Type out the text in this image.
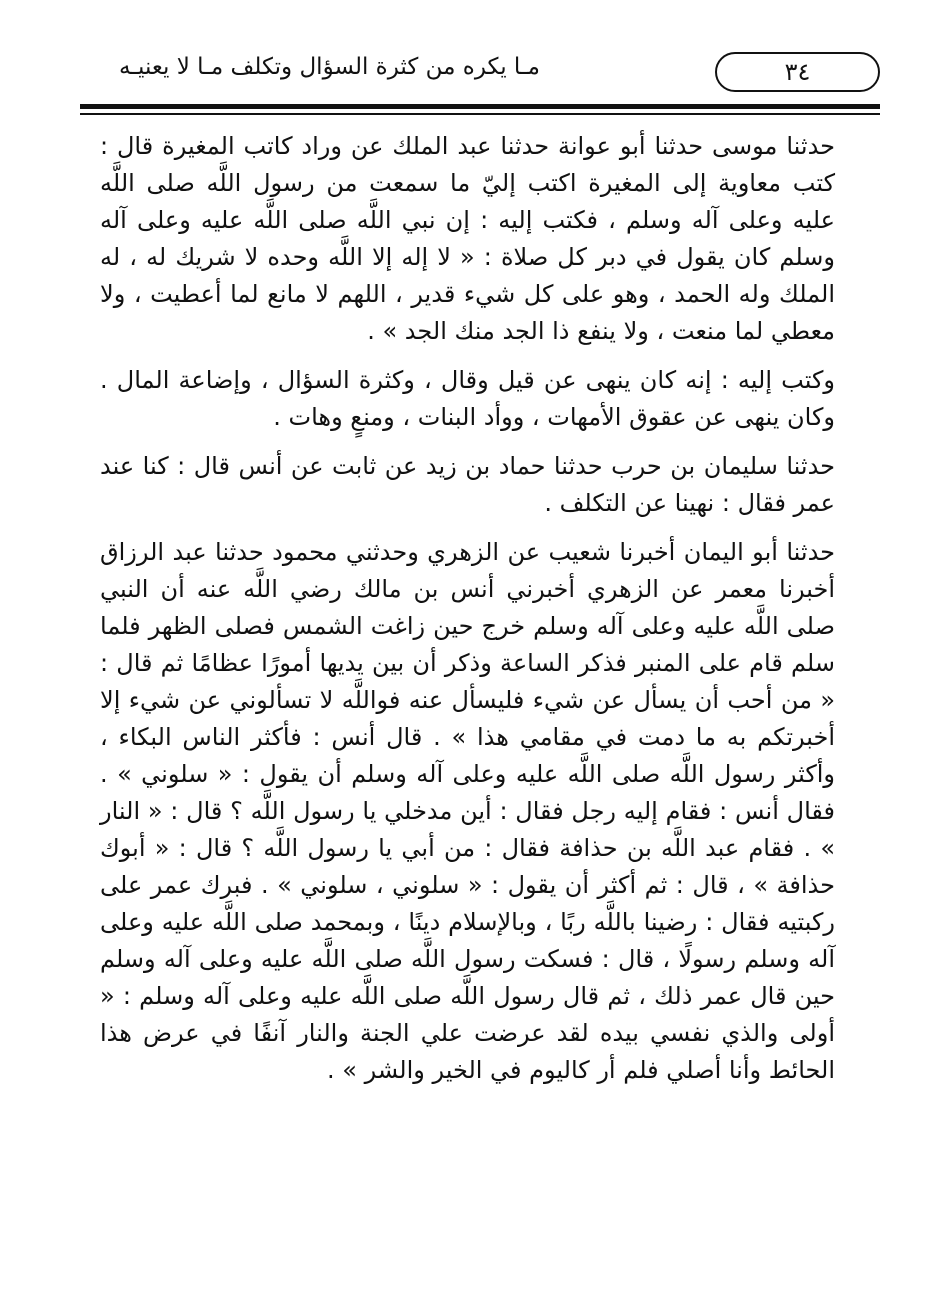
مـا يكره من كثرة السؤال وتكلف مـا لا يعنيـه	٣٤

حدثنا موسى حدثنا أبو عوانة حدثنا عبد الملك عن وراد كاتب المغيرة قال : كتب معاوية إلى المغيرة اكتب إليّ ما سمعت من رسول اللَّه صلى اللَّه عليه وعلى آله وسلم ، فكتب إليه : إن نبي اللَّه صلى اللَّه عليه وعلى آله وسلم كان يقول في دبر كل صلاة : « لا إله إلا اللَّه وحده لا شريك له ، له الملك وله الحمد ، وهو على كل شيء قدير ، اللهم لا مانع لما أعطيت ، ولا معطي لما منعت ، ولا ينفع ذا الجد منك الجد » .

وكتب إليه : إنه كان ينهى عن قيل وقال ، وكثرة السؤال ، وإضاعة المال . وكان ينهى عن عقوق الأمهات ، ووأد البنات ، ومنعٍ وهات .

حدثنا سليمان بن حرب حدثنا حماد بن زيد عن ثابت عن أنس قال : كنا عند عمر فقال : نهينا عن التكلف .

حدثنا أبو اليمان أخبرنا شعيب عن الزهري وحدثني محمود حدثنا عبد الرزاق أخبرنا معمر عن الزهري أخبرني أنس بن مالك رضي اللَّه عنه أن النبي صلى اللَّه عليه وعلى آله وسلم خرج حين زاغت الشمس فصلى الظهر فلما سلم قام على المنبر فذكر الساعة وذكر أن بين يديها أمورًا عظامًا ثم قال : « من أحب أن يسأل عن شيء فليسأل عنه فواللَّه لا تسألوني عن شيء إلا أخبرتكم به ما دمت في مقامي هذا » . قال أنس : فأكثر الناس البكاء ، وأكثر رسول اللَّه صلى اللَّه عليه وعلى آله وسلم أن يقول : « سلوني » . فقال أنس : فقام إليه رجل فقال : أين مدخلي يا رسول اللَّه ؟ قال : « النار » . فقام عبد اللَّه بن حذافة فقال : من أبي يا رسول اللَّه ؟ قال : « أبوك حذافة » ، قال : ثم أكثر أن يقول : « سلوني ، سلوني » . فبرك عمر على ركبتيه فقال : رضينا باللَّه ربًا ، وبالإسلام دينًا ، وبمحمد صلى اللَّه عليه وعلى آله وسلم رسولًا ، قال : فسكت رسول اللَّه صلى اللَّه عليه وعلى آله وسلم حين قال عمر ذلك ، ثم قال رسول اللَّه صلى اللَّه عليه وعلى آله وسلم : « أولى والذي نفسي بيده لقد عرضت علي الجنة والنار آنفًا في عرض هذا الحائط وأنا أصلي فلم أر كاليوم في الخير والشر » .
